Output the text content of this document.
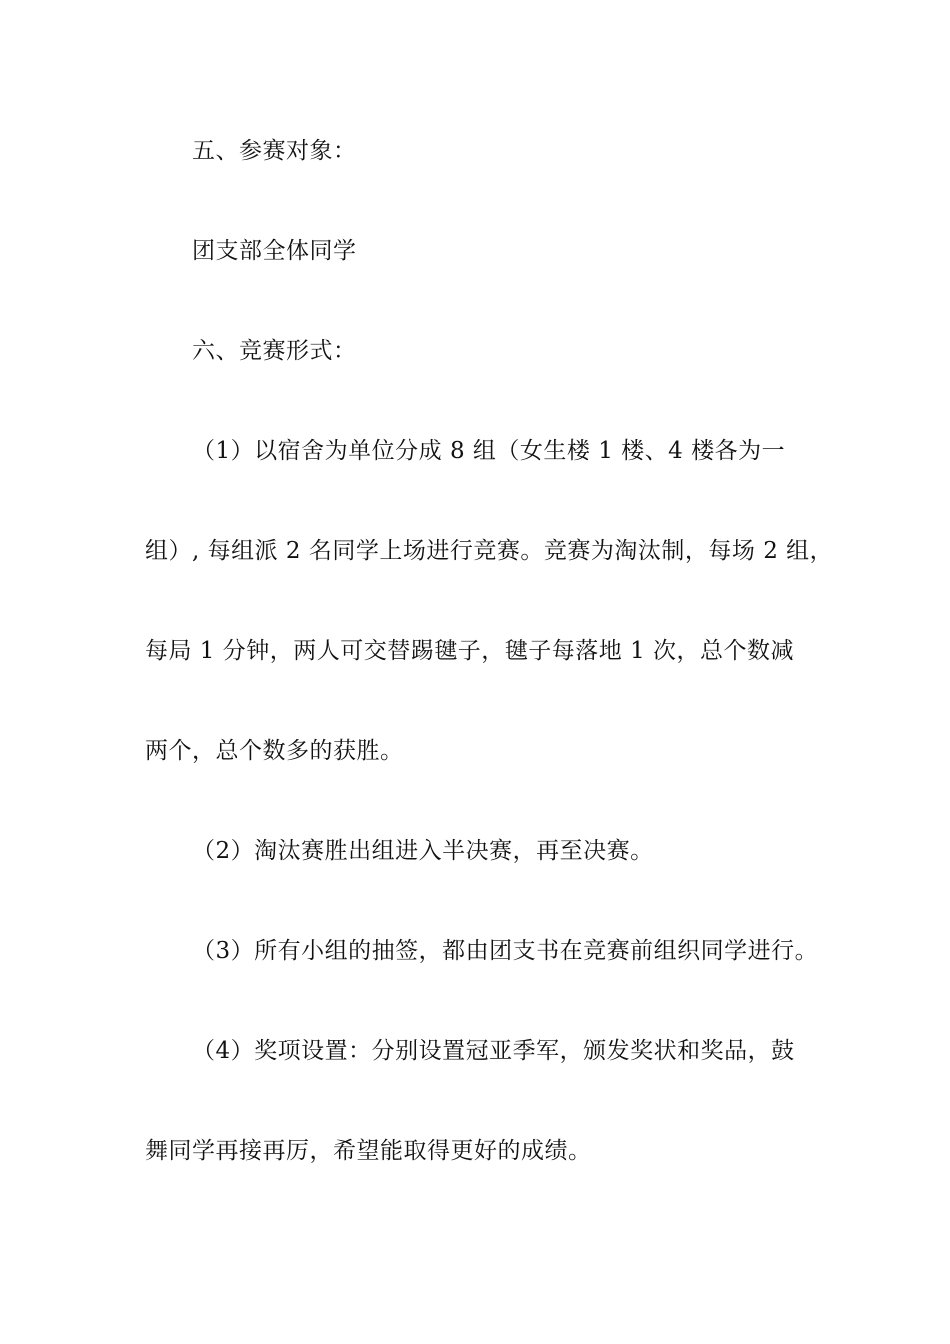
五、参赛对象：
团支部全体同学
六、竞赛形式：
（1）以宿舍为单位分成 8 组（女生楼 1 楼、4 楼各为一
组）, 每组派 2 名同学上场进行竞赛。竞赛为淘汰制，每场 2 组，
每局 1 分钟，两人可交替踢毽子，毽子每落地 1 次，总个数减
两个，总个数多的获胜。
（2）淘汰赛胜出组进入半决赛，再至决赛。
（3）所有小组的抽签，都由团支书在竞赛前组织同学进行。
（4）奖项设置：分别设置冠亚季军，颁发奖状和奖品，鼓
舞同学再接再厉，希望能取得更好的成绩。
